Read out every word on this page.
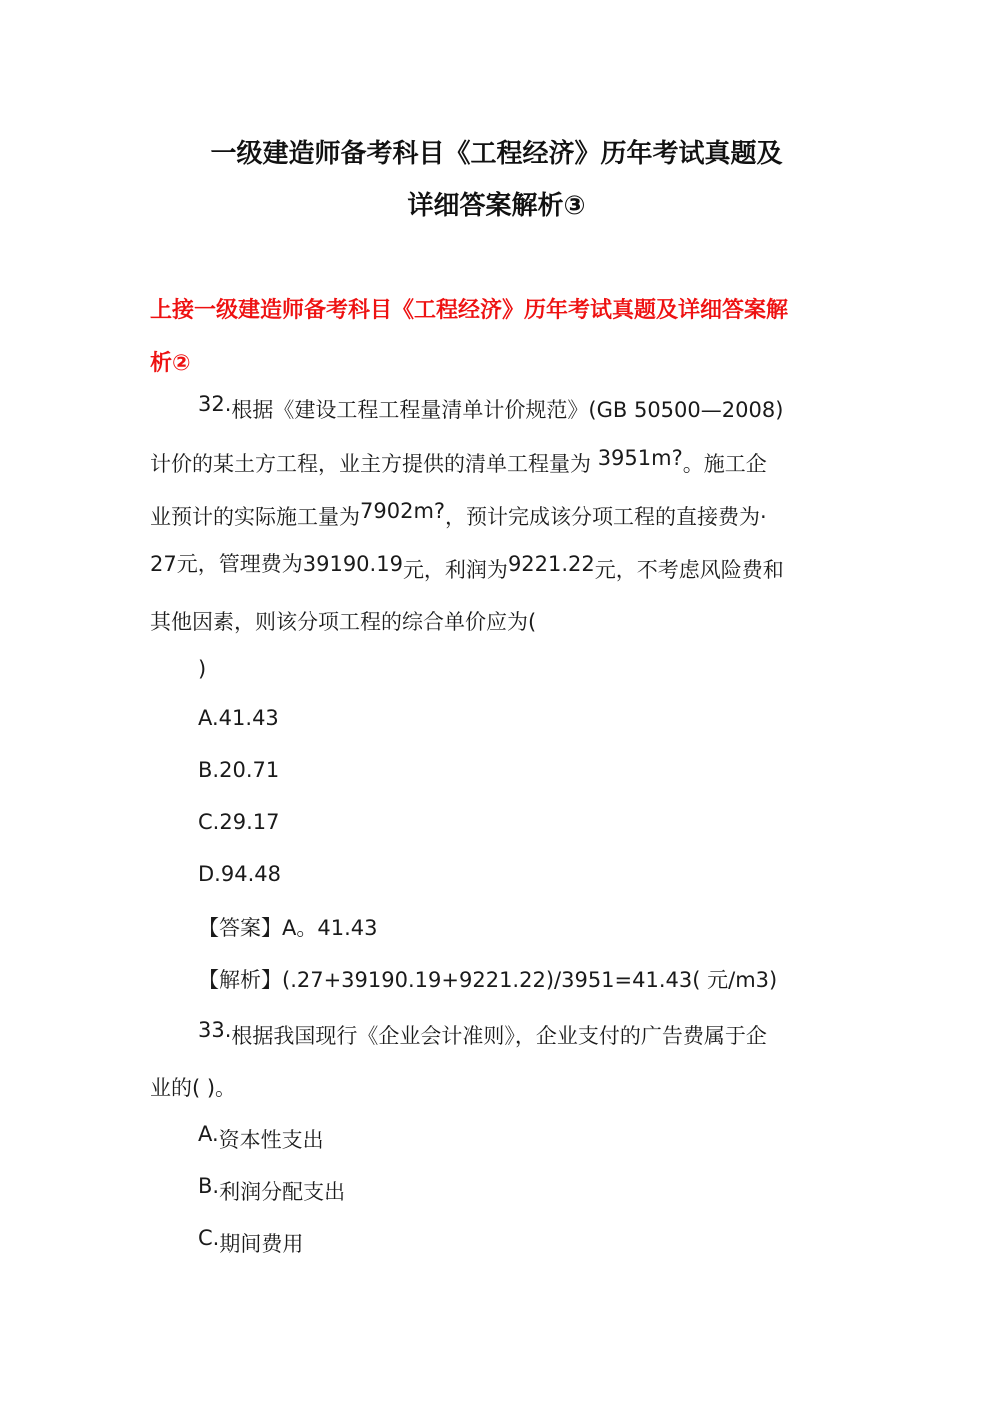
一级建造师备考科目《工程经济》历年考试真题及
详细答案解析③
上接一级建造师备考科目《工程经济》历年考试真题及详细答案解
析②
32.根据《建设工程工程量清单计价规范》(GB 50500—2008)
计价的某土方工程，业主方提供的清单工程量为 3951m?。施工企
业预计的实际施工量为7902m?，预计完成该分项工程的直接费为·
27元，管理费为39190.19元，利润为9221.22元，不考虑风险费和
其他因素，则该分项工程的综合单价应为(
)
A.41.43
B.20.71
C.29.17
D.94.48
【答案】A。41.43
【解析】(.27+39190.19+9221.22)/3951=41.43( 元/m3)
33.根据我国现行《企业会计准则》，企业支付的广告费属于企
业的( )。
A.资本性支出
B.利润分配支出
C.期间费用
